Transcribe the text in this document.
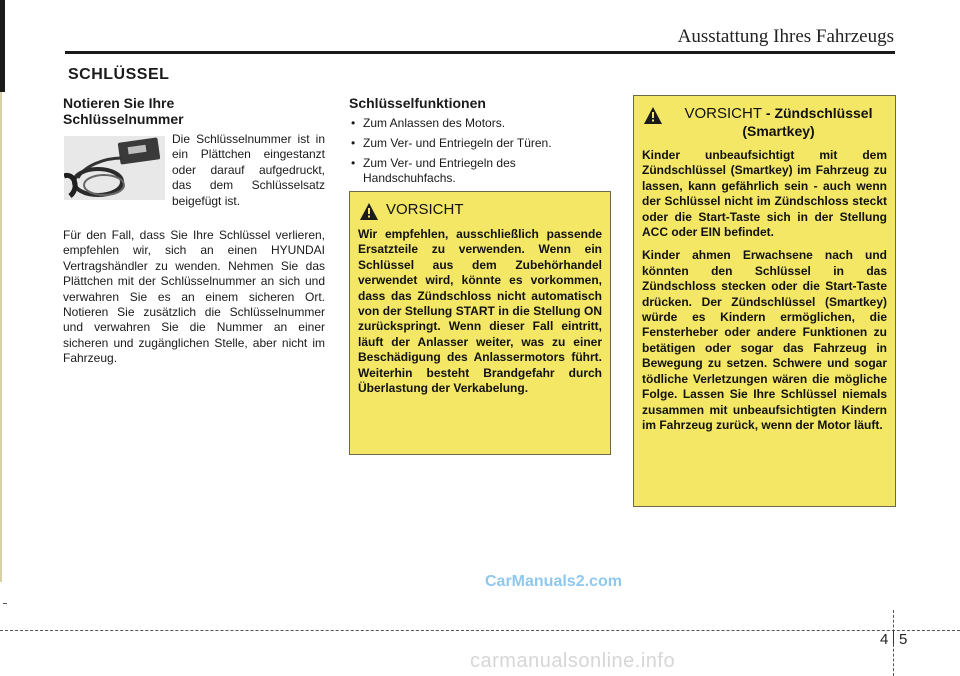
Ausstattung Ihres Fahrzeugs
SCHLÜSSEL
Notieren Sie Ihre
Schlüsselnummer

Die Schlüsselnummer ist in ein Plättchen eingestanzt oder darauf aufgedruckt, das dem Schlüsselsatz beigefügt ist.

Für den Fall, dass Sie Ihre Schlüssel verlieren, empfehlen wir, sich an einen HYUNDAI Vertragshändler zu wenden. Nehmen Sie das Plättchen mit der Schlüsselnummer an sich und verwahren Sie es an einem sicheren Ort. Notieren Sie zusätzlich die Schlüsselnummer und verwahren Sie die Nummer an einer sicheren und zugänglichen Stelle, aber nicht im Fahrzeug.

Schlüsselfunktionen
• Zum Anlassen des Motors.
• Zum Ver- und Entriegeln der Türen.
• Zum Ver- und Entriegeln des Handschuhfachs.
VORSICHT

Wir empfehlen, ausschließlich passende Ersatzteile zu verwenden. Wenn ein Schlüssel aus dem Zubehörhandel verwendet wird, könnte es vorkommen, dass das Zündschloss nicht automatisch von der Stellung START in die Stellung ON zurückspringt. Wenn dieser Fall eintritt, läuft der Anlasser weiter, was zu einer Beschädigung des Anlassermotors führt. Weiterhin besteht Brandgefahr durch Überlastung der Verkabelung.

VORSICHT - Zündschlüssel
(Smartkey)

Kinder unbeaufsichtigt mit dem Zündschlüssel (Smartkey) im Fahrzeug zu lassen, kann gefährlich sein - auch wenn der Schlüssel nicht im Zündschloss steckt oder die Start-Taste sich in der Stellung ACC oder EIN befindet.

Kinder ahmen Erwachsene nach und könnten den Schlüssel in das Zündschloss stecken oder die Start-Taste drücken. Der Zündschlüssel (Smartkey) würde es Kindern ermöglichen, die Fensterheber oder andere Funktionen zu betätigen oder sogar das Fahrzeug in Bewegung zu setzen. Schwere und sogar tödliche Verletzungen wären die mögliche Folge. Lassen Sie Ihre Schlüssel niemals zusammen mit unbeaufsichtigten Kindern im Fahrzeug zurück, wenn der Motor läuft.

CarManuals2.com
4 5
carmanualsonline.info
